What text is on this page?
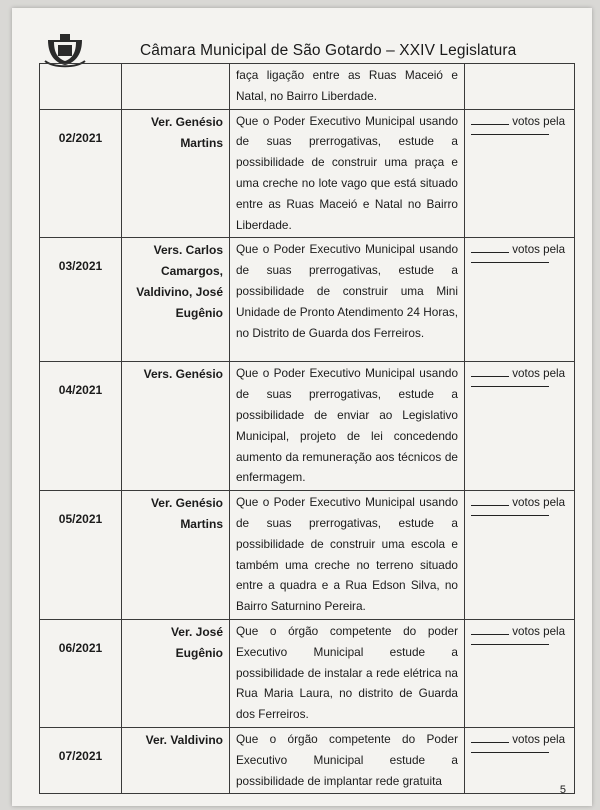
Câmara Municipal de São Gotardo – XXIV Legislatura
		faça ligação entre as Ruas Maceió e Natal, no Bairro Liberdade.	
02/2021	Ver. Genésio Martins	Que o Poder Executivo Municipal usando de suas prerrogativas, estude a possibilidade de construir uma praça e uma creche no lote vago que está situado entre as Ruas Maceió e Natal no Bairro Liberdade.	votos pela

03/2021	Vers. Carlos Camargos, Valdivino, José Eugênio	Que o Poder Executivo Municipal usando de suas prerrogativas, estude a possibilidade de construir uma Mini Unidade de Pronto Atendimento 24 Horas, no Distrito de Guarda dos Ferreiros.	votos pela

04/2021	Vers. Genésio	Que o Poder Executivo Municipal usando de suas prerrogativas, estude a possibilidade de enviar ao Legislativo Municipal, projeto de lei concedendo aumento da remuneração aos técnicos de enfermagem.	votos pela

05/2021	Ver. Genésio Martins	Que o Poder Executivo Municipal usando de suas prerrogativas, estude a possibilidade de construir uma escola e também uma creche no terreno situado entre a quadra e a Rua Edson Silva, no Bairro Saturnino Pereira.	votos pela

06/2021	Ver. José Eugênio	Que o órgão competente do poder Executivo Municipal estude a possibilidade de instalar a rede elétrica na Rua Maria Laura, no distrito de Guarda dos Ferreiros.	votos pela

07/2021	Ver. Valdivino	Que o órgão competente do Poder Executivo Municipal estude a possibilidade de implantar rede gratuita	votos pela
5
